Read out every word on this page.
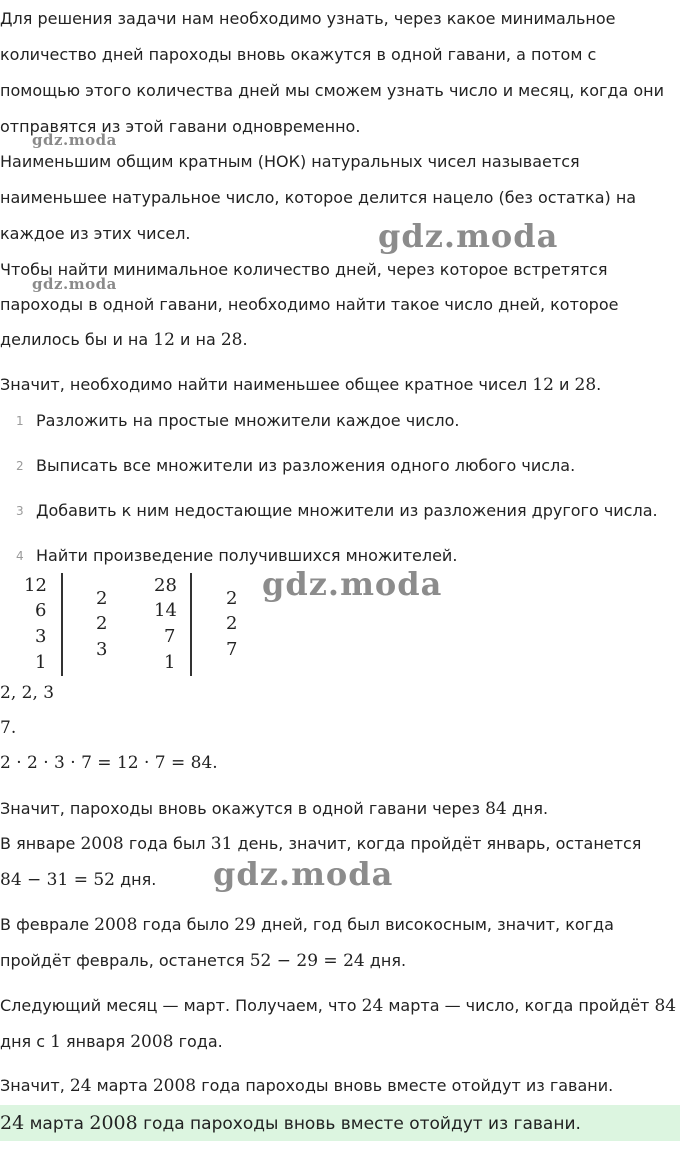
Для решения задачи нам необходимо узнать, через какое минимальное
количество дней пароходы вновь окажутся в одной гавани, а потом с
помощью этого количества дней мы сможем узнать число и месяц, когда они
отправятся из этой гавани одновременно.
gdz.moda
Наименьшим общим кратным (НОК) натуральных чисел называется
наименьшее натуральное число, которое делится нацело (без остатка) на
каждое из этих чисел.	gdz.moda
Чтобы найти минимальное количество дней, через которое встретятся
gdz.moda
пароходы в одной гавани, необходимо найти такое число дней, которое
делилось бы и на 12 и на 28.
Значит, необходимо найти наименьшее общее кратное чисел 12 и 28.
1 Разложить на простые множители каждое число.
2 Выписать все множители из разложения одного любого числа.
3 Добавить к ним недостающие множители из разложения другого числа.
4 Найти произведение получившихся множителей.
12
6
3
1
2
2
3
28
14
7
1
2
2
7
gdz.moda
2, 2, 3
7.
2 · 2 · 3 · 7 = 12 · 7 = 84.
Значит, пароходы вновь окажутся в одной гавани через 84 дня.
В январе 2008 года был 31 день, значит, когда пройдёт январь, останется
84 − 31 = 52 дня. gdz.moda
В феврале 2008 года было 29 дней, год был високосным, значит, когда
пройдёт февраль, останется 52 − 29 = 24 дня.
Следующий месяц — март. Получаем, что 24 марта — число, когда пройдёт 84
дня с 1 января 2008 года.
Значит, 24 марта 2008 года пароходы вновь вместе отойдут из гавани.
24 марта 2008 года пароходы вновь вместе отойдут из гавани.
